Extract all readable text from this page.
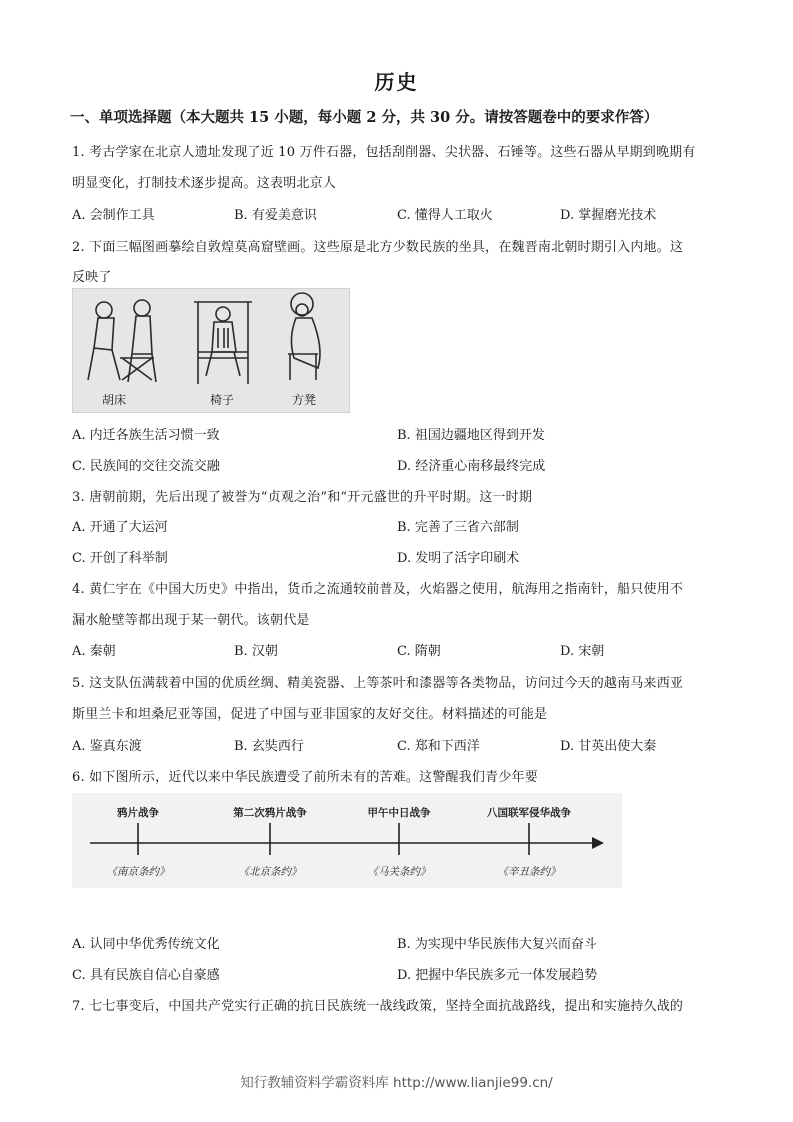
历史
一、单项选择题（本大题共 15 小题，每小题 2 分，共 30 分。请按答题卷中的要求作答）
1. 考古学家在北京人遗址发现了近 10 万件石器，包括刮削器、尖状器、石锤等。这些石器从早期到晚期有
明显变化，打制技术逐步提高。这表明北京人
A. 会制作工具	B. 有爱美意识	C. 懂得人工取火	D. 掌握磨光技术
2. 下面三幅图画摹绘自敦煌莫高窟壁画。这些原是北方少数民族的坐具，在魏晋南北朝时期引入内地。这
反映了
胡床	椅子	方凳
A. 内迁各族生活习惯一致	B. 祖国边疆地区得到开发
C. 民族间的交往交流交融	D. 经济重心南移最终完成
3. 唐朝前期，先后出现了被誉为“贞观之治”和“开元盛世的升平时期。这一时期
A. 开通了大运河	B. 完善了三省六部制
C. 开创了科举制	D. 发明了活字印刷术
4. 黄仁宇在《中国大历史》中指出，货币之流通较前普及，火焰器之使用，航海用之指南针，船只使用不
漏水舱壁等都出现于某一朝代。该朝代是
A. 秦朝	B. 汉朝	C. 隋朝	D. 宋朝
5. 这支队伍满载着中国的优质丝绸、精美瓷器、上等茶叶和漆器等各类物品，访问过今天的越南马来西亚
斯里兰卡和坦桑尼亚等国，促进了中国与亚非国家的友好交往。材料描述的可能是
A. 鉴真东渡	B. 玄奘西行	C. 郑和下西洋	D. 甘英出使大秦
6. 如下图所示，近代以来中华民族遭受了前所未有的苦难。这警醒我们青少年要
鸦片战争	第二次鸦片战争	甲午中日战争	八国联军侵华战争
《南京条约》	《北京条约》	《马关条约》	《辛丑条约》
A. 认同中华优秀传统文化	B. 为实现中华民族伟大复兴而奋斗
C. 具有民族自信心自豪感	D. 把握中华民族多元一体发展趋势
7. 七七事变后，中国共产党实行正确的抗日民族统一战线政策，坚持全面抗战路线，提出和实施持久战的
知行教辅资料学霸资料库 http://www.lianjie99.cn/
